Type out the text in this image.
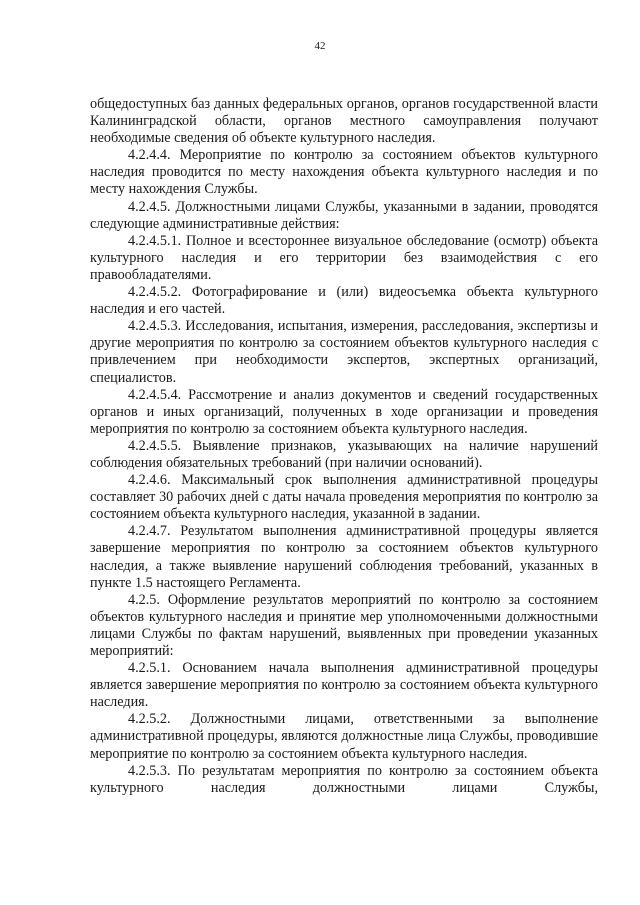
42

общедоступных баз данных федеральных органов, органов государственной власти Калининградской области, органов местного самоуправления получают необходимые сведения об объекте культурного наследия.

4.2.4.4. Мероприятие по контролю за состоянием объектов культурного наследия проводится по месту нахождения объекта культурного наследия и по месту нахождения Службы.

4.2.4.5. Должностными лицами Службы, указанными в задании, проводятся следующие административные действия:

4.2.4.5.1. Полное и всестороннее визуальное обследование (осмотр) объекта культурного наследия и его территории без взаимодействия с его правообладателями.

4.2.4.5.2. Фотографирование и (или) видеосъемка объекта культурного наследия и его частей.

4.2.4.5.3. Исследования, испытания, измерения, расследования, экспертизы и другие мероприятия по контролю за состоянием объектов культурного наследия с привлечением при необходимости экспертов, экспертных организаций, специалистов.

4.2.4.5.4. Рассмотрение и анализ документов и сведений государственных органов и иных организаций, полученных в ходе организации и проведения мероприятия по контролю за состоянием объекта культурного наследия.

4.2.4.5.5. Выявление признаков, указывающих на наличие нарушений соблюдения обязательных требований (при наличии оснований).

4.2.4.6. Максимальный срок выполнения административной процедуры составляет 30 рабочих дней с даты начала проведения мероприятия по контролю за состоянием объекта культурного наследия, указанной в задании.

4.2.4.7. Результатом выполнения административной процедуры является завершение мероприятия по контролю за состоянием объектов культурного наследия, а также выявление нарушений соблюдения требований, указанных в пункте 1.5 настоящего Регламента.

4.2.5. Оформление результатов мероприятий по контролю за состоянием объектов культурного наследия и принятие мер уполномоченными должностными лицами Службы по фактам нарушений, выявленных при проведении указанных мероприятий:

4.2.5.1. Основанием начала выполнения административной процедуры является завершение мероприятия по контролю за состоянием объекта культурного наследия.

4.2.5.2. Должностными лицами, ответственными за выполнение административной процедуры, являются должностные лица Службы, проводившие мероприятие по контролю за состоянием объекта культурного наследия.

4.2.5.3. По результатам мероприятия по контролю за состоянием объекта культурного наследия должностными лицами Службы,
